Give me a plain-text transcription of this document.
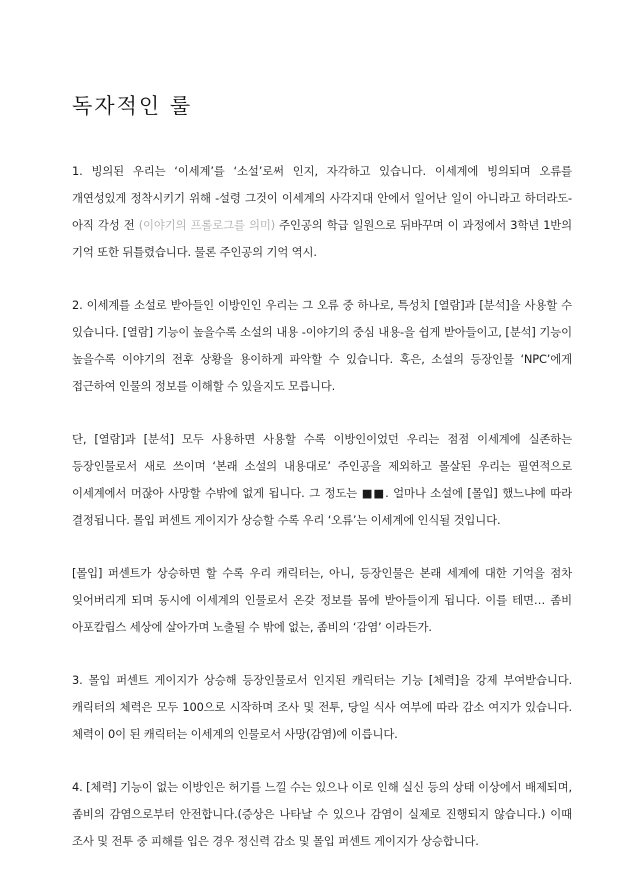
독자적인 룰

1. 빙의된 우리는 ‘이세계’를 ‘소설’로써 인지, 자각하고 있습니다. 이세계에 빙의되며 오류를 개연성있게 정착시키기 위해 -설령 그것이 이세계의 사각지대 안에서 일어난 일이 아니라고 하더라도- 아직 각성 전 (이야기의 프롤로그를 의미) 주인공의 학급 일원으로 뒤바꾸며 이 과정에서 3학년 1반의 기억 또한 뒤틀렸습니다. 물론 주인공의 기억 역시.

2. 이세계를 소설로 받아들인 이방인인 우리는 그 오류 중 하나로, 특성치 [열람]과 [분석]을 사용할 수 있습니다. [열람] 기능이 높을수록 소설의 내용 -이야기의 중심 내용-을 쉽게 받아들이고, [분석] 기능이 높을수록 이야기의 전후 상황을 용이하게 파악할 수 있습니다. 혹은, 소설의 등장인물 ‘NPC’에게 접근하여 인물의 정보를 이해할 수 있을지도 모릅니다.

단, [열람]과 [분석] 모두 사용하면 사용할 수록 이방인이었던 우리는 점점 이세계에 실존하는 등장인물로서 새로 쓰이며 ‘본래 소설의 내용대로’ 주인공을 제외하고 몰살된 우리는 필연적으로 이세계에서 머잖아 사망할 수밖에 없게 됩니다. 그 정도는 ■■. 얼마나 소설에 [몰입] 했느냐에 따라 결정됩니다. 몰입 퍼센트 게이지가 상승할 수록 우리 ‘오류’는 이세계에 인식될 것입니다.

[몰입] 퍼센트가 상승하면 할 수록 우리 캐릭터는, 아니, 등장인물은 본래 세계에 대한 기억을 점차 잊어버리게 되며 동시에 이세계의 인물로서 온갖 정보를 몸에 받아들이게 됩니다. 이를 테면… 좀비 아포칼립스 세상에 살아가며 노출될 수 밖에 없는, 좀비의 ‘감염’ 이라든가.

3. 몰입 퍼센트 게이지가 상승해 등장인물로서 인지된 캐릭터는 기능 [체력]을 강제 부여받습니다. 캐릭터의 체력은 모두 100으로 시작하며 조사 및 전투, 당일 식사 여부에 따라 감소 여지가 있습니다. 체력이 0이 된 캐릭터는 이세계의 인물로서 사망(감염)에 이릅니다.

4. [체력] 기능이 없는 이방인은 허기를 느낄 수는 있으나 이로 인해 실신 등의 상태 이상에서 배제되며, 좀비의 감염으로부터 안전합니다.(증상은 나타날 수 있으나 감염이 실제로 진행되지 않습니다.) 이때 조사 및 전투 중 피해를 입은 경우 정신력 감소 및 몰입 퍼센트 게이지가 상승합니다.
